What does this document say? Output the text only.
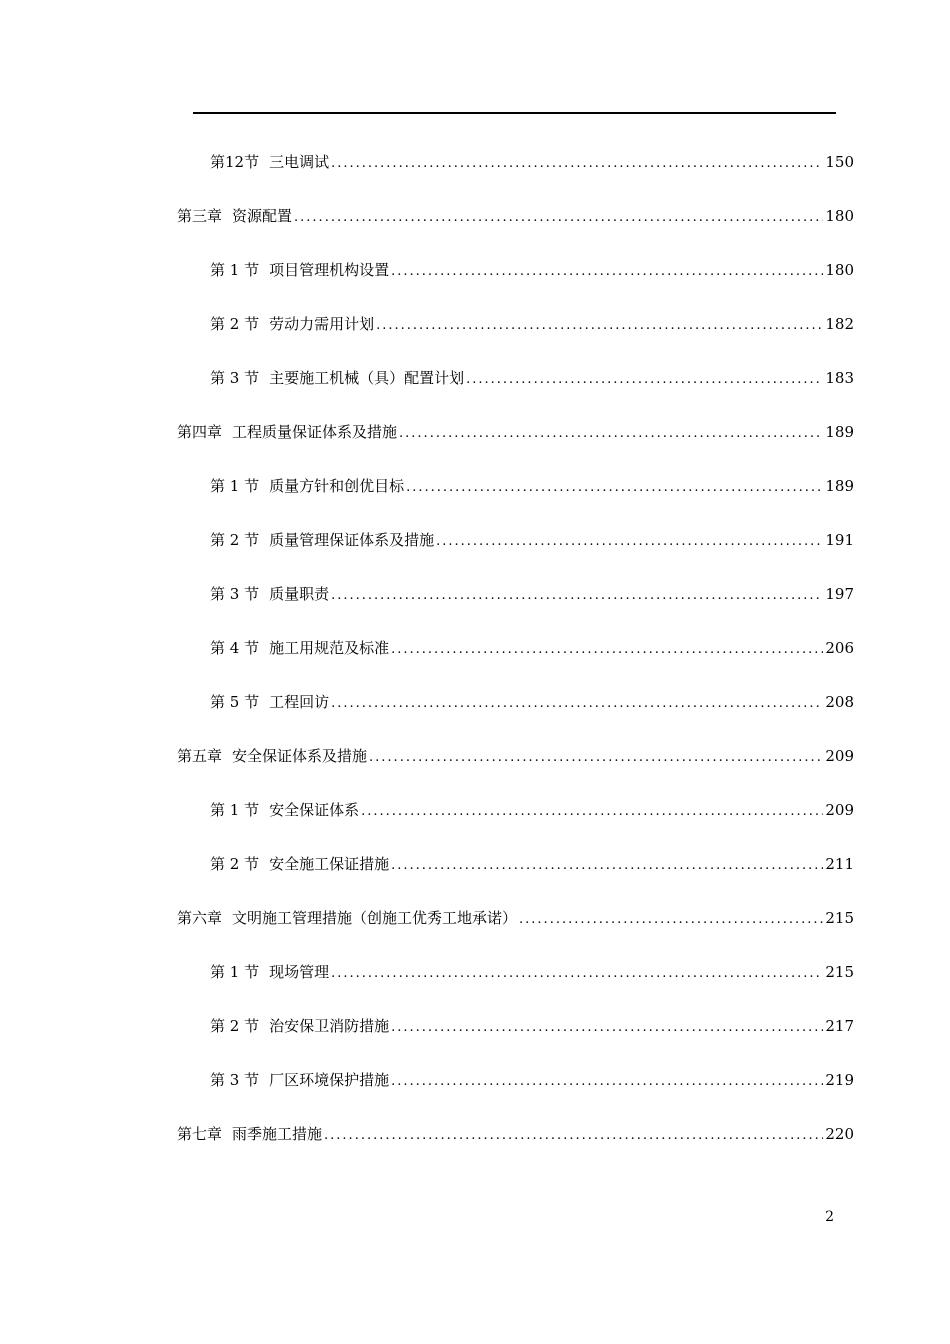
第12节 三电调试 .....	150
第三章 资源配置 .....	180
第 1 节 项目管理机构设置 .....	180
第 2 节 劳动力需用计划 .....	182
第 3 节 主要施工机械（具）配置计划 .....	183
第四章 工程质量保证体系及措施 .....	189
第 1 节 质量方针和创优目标 .....	189
第 2 节 质量管理保证体系及措施 .....	191
第 3 节 质量职责 .....	197
第 4 节 施工用规范及标准 .....	206
第 5 节 工程回访 .....	208
第五章 安全保证体系及措施 .....	209
第 1 节 安全保证体系 .....	209
第 2 节 安全施工保证措施 .....	211
第六章 文明施工管理措施（创施工优秀工地承诺） .....	215
第 1 节 现场管理 .....	215
第 2 节 治安保卫消防措施 .....	217
第 3 节 厂区环境保护措施 .....	219
第七章 雨季施工措施 .....	220
2
